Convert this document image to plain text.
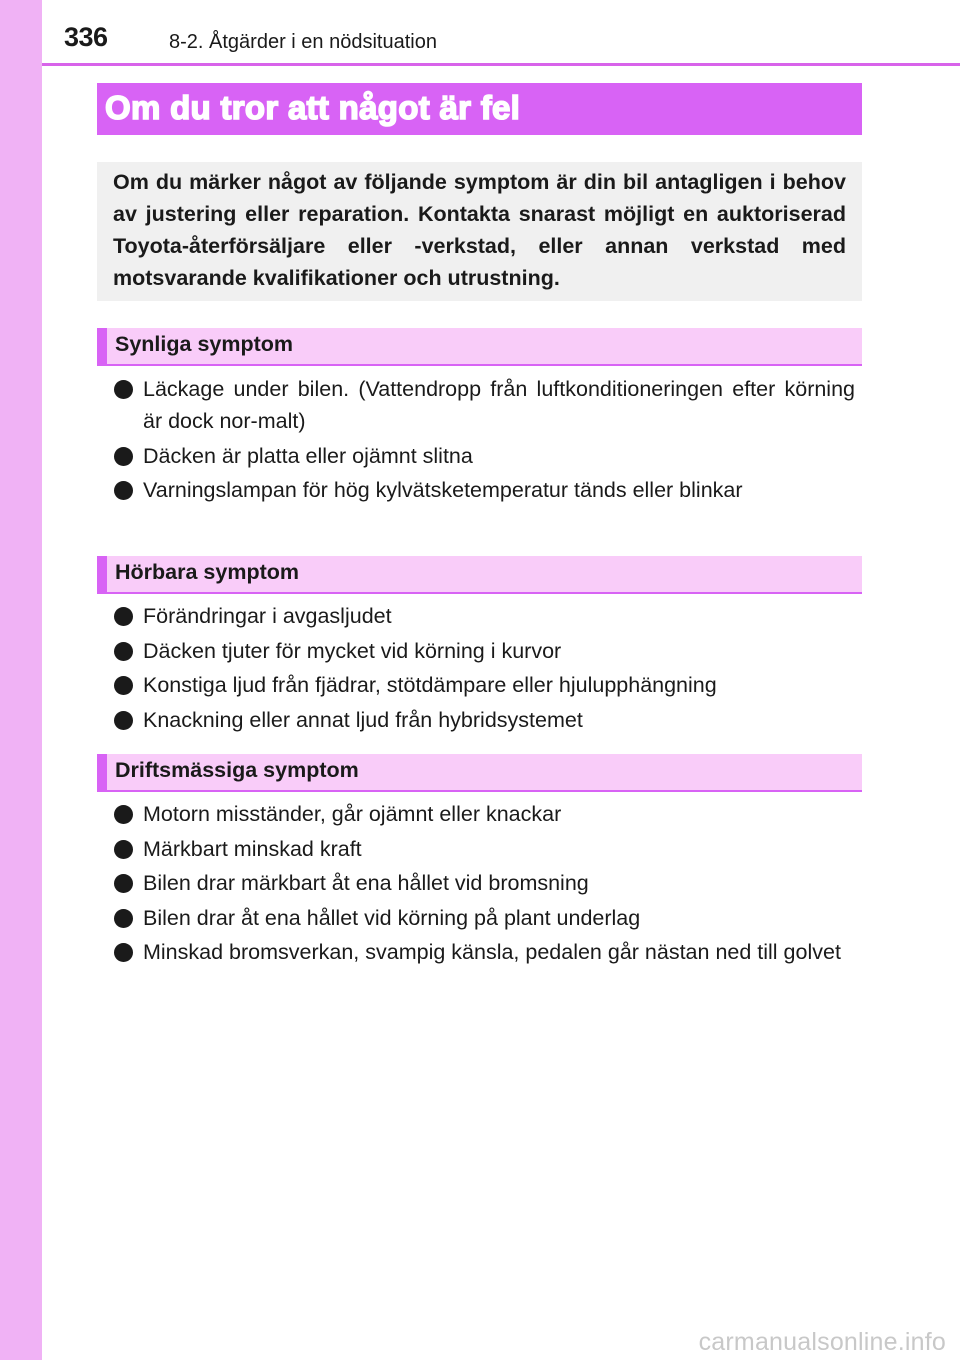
336	8-2. Åtgärder i en nödsituation
Om du tror att något är fel

Om du märker något av följande symptom är din bil antagligen i behov av justering eller reparation. Kontakta snarast möjligt en auktoriserad Toyota-återförsäljare eller -verkstad, eller annan verkstad med motsvarande kvalifikationer och utrustning.

Synliga symptom
Läckage under bilen. (Vattendropp från luftkonditioneringen efter körning är dock nor-malt)
Däcken är platta eller ojämnt slitna
Varningslampan för hög kylvätsketemperatur tänds eller blinkar
Hörbara symptom
Förändringar i avgasljudet
Däcken tjuter för mycket vid körning i kurvor
Konstiga ljud från fjädrar, stötdämpare eller hjulupphängning
Knackning eller annat ljud från hybridsystemet
Driftsmässiga symptom
Motorn misständer, går ojämnt eller knackar
Märkbart minskad kraft
Bilen drar märkbart åt ena hållet vid bromsning
Bilen drar åt ena hållet vid körning på plant underlag
Minskad bromsverkan, svampig känsla, pedalen går nästan ned till golvet
carmanualsonline.info
